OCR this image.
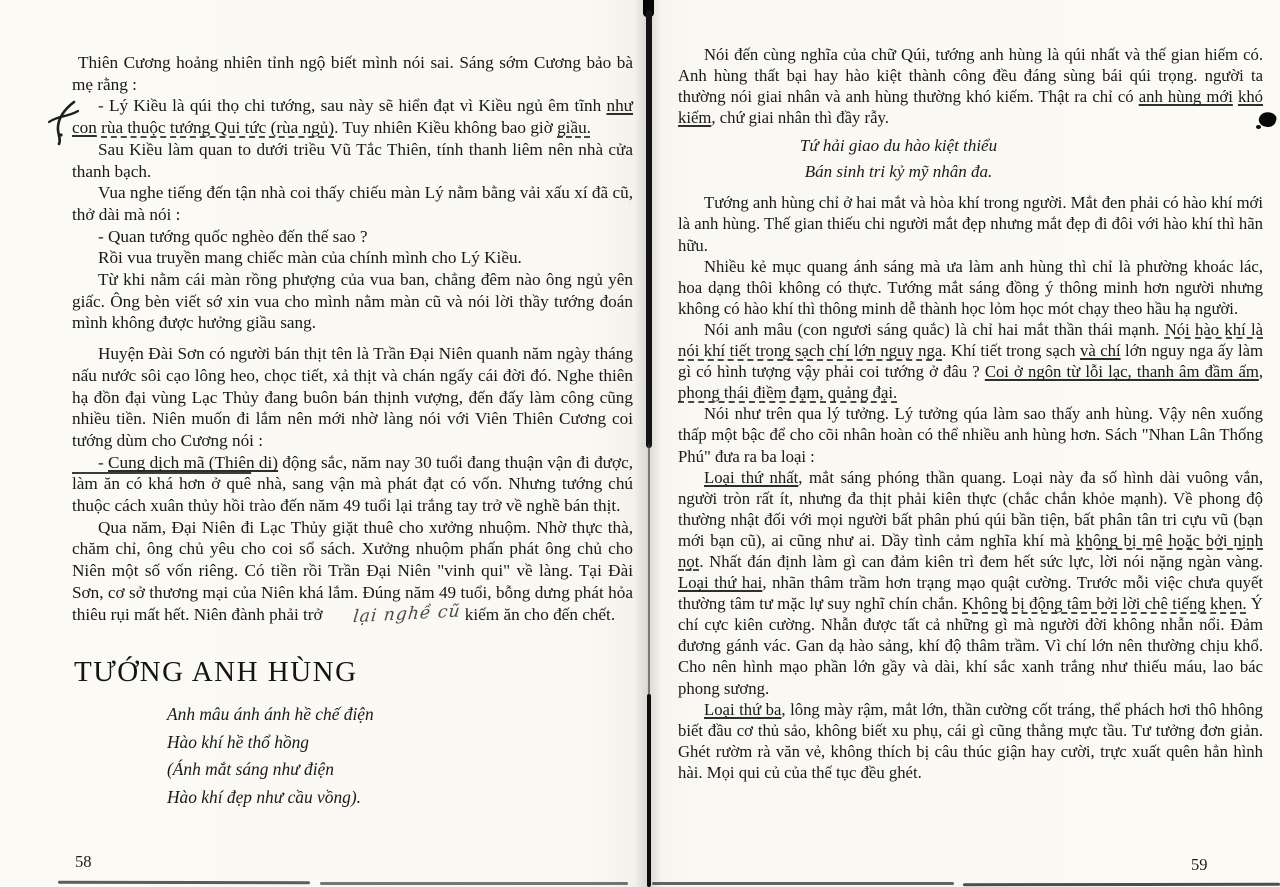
Thiên Cương hoảng nhiên tỉnh ngộ biết mình nói sai. Sáng sớm Cương bảo bà mẹ rằng :
- Lý Kiều là qúi thọ chi tướng, sau này sẽ hiển đạt vì Kiều ngủ êm tĩnh như con rùa thuộc tướng Qui tức (rùa ngủ). Tuy nhiên Kiều không bao giờ giầu.
Sau Kiều làm quan to dưới triều Vũ Tắc Thiên, tính thanh liêm nên nhà cửa thanh bạch.
Vua nghe tiếng đến tận nhà coi thấy chiếu màn Lý nằm bằng vải xấu xí đã cũ, thở dài mà nói :
- Quan tướng quốc nghèo đến thế sao ?
Rồi vua truyền mang chiếc màn của chính mình cho Lý Kiều.
Từ khi nằm cái màn rồng phượng của vua ban, chẳng đêm nào ông ngủ yên giấc. Ông bèn viết sớ xin vua cho mình nằm màn cũ và nói lời thầy tướng đoán mình không được hưởng giầu sang.
Huyện Đài Sơn có người bán thịt tên là Trần Đại Niên quanh năm ngày tháng nấu nước sôi cạo lông heo, chọc tiết, xả thịt và chán ngấy cái đời đó. Nghe thiên hạ đồn đại vùng Lạc Thủy đang buôn bán thịnh vượng, đến đấy làm công cũng nhiều tiền. Niên muốn đi lắm nên mới nhờ làng nói với Viên Thiên Cương coi tướng dùm cho Cương nói :
- Cung dịch mã (Thiên di) động sắc, năm nay 30 tuổi đang thuận vận đi được, làm ăn có khá hơn ở quê nhà, sang vận mà phát đạt có vốn. Nhưng tướng chú thuộc cách xuân thủy hồi trào đến năm 49 tuổi lại trắng tay trở về nghề bán thịt.
Qua năm, Đại Niên đi Lạc Thủy giặt thuê cho xưởng nhuộm. Nhờ thực thà, chăm chỉ, ông chủ yêu cho coi sổ sách. Xưởng nhuộm phấn phát ông chủ cho Niên một số vốn riêng. Có tiền rồi Trần Đại Niên "vinh qui" về làng. Tại Đài Sơn, cơ sở thương mại của Niên khá lắm. Đúng năm 49 tuổi, bỗng dưng phát hỏa thiêu rụi mất hết. Niên đành phải trở lại nghề cũ kiếm ăn cho đến chết.
TƯỚNG ANH HÙNG
Anh mâu ánh ánh hề chế điện
Hào khí hề thổ hồng
(Ánh mắt sáng như điện
Hào khí đẹp như cầu vồng).
Nói đến cùng nghĩa của chữ Qúi, tướng anh hùng là qúi nhất và thế gian hiếm có. Anh hùng thất bại hay hào kiệt thành công đều đáng sùng bái qúi trọng. người ta thường nói giai nhân và anh hùng thường khó kiếm. Thật ra chỉ có anh hùng mới khó kiếm, chứ giai nhân thì đầy rẫy.
Tứ hải giao du hào kiệt thiểu
Bán sinh tri kỷ mỹ nhân đa.
Tướng anh hùng chỉ ở hai mắt và hòa khí trong người. Mắt đen phải có hào khí mới là anh hùng. Thế gian thiếu chi người mắt đẹp nhưng mắt đẹp đi đôi với hào khí thì hãn hữu.
Nhiều kẻ mục quang ánh sáng mà ưa làm anh hùng thì chỉ là phường khoác lác, hoa dạng thôi không có thực. Tướng mắt sáng đồng ý thông minh hơn người nhưng không có hào khí thì thông minh dễ thành học lỏm học mót chạy theo hầu hạ người.
Nói anh mâu (con ngươi sáng quắc) là chỉ hai mắt thần thái mạnh. Nói hào khí là nói khí tiết trong sạch chí lớn nguy nga. Khí tiết trong sạch và chí lớn nguy nga ấy làm gì có hình tượng vậy phải coi tướng ở đâu ? Coi ở ngôn từ lỗi lạc, thanh âm đầm ấm, phong thái điềm đạm, quảng đại.
Nói như trên qua lý tưởng. Lý tưởng qúa làm sao thấy anh hùng. Vậy nên xuống thấp một bậc để cho cõi nhân hoàn có thể nhiều anh hùng hơn. Sách "Nhan Lân Thống Phú" đưa ra ba loại :
Loại thứ nhất, mắt sáng phóng thần quang. Loại này đa số hình dài vuông vắn, người tròn rất ít, nhưng đa thịt phải kiên thực (chắc chắn khỏe mạnh). Về phong độ thường nhật đối với mọi người bất phân phú qúi bần tiện, bất phân tân tri cựu vũ (bạn mới bạn cũ), ai cũng như ai. Dầy tình cảm nghĩa khí mà không bị mê hoặc bởi nịnh nọt. Nhất đán định làm gì can đảm kiên trì đem hết sức lực, lời nói nặng ngàn vàng. Loại thứ hai, nhãn thâm trầm hơn trạng mạo quật cường. Trước mỗi việc chưa quyết thường tâm tư mặc lự suy nghĩ chín chắn. Không bị động tâm bởi lời chê tiếng khen. Ý chí cực kiên cường. Nhẫn được tất cả những gì mà người đời không nhẫn nổi. Đảm đương gánh vác. Gan dạ hào sảng, khí độ thâm trầm. Vì chí lớn nên thường chịu khổ. Cho nên hình mạo phần lớn gầy và dài, khí sắc xanh trắng như thiếu máu, lao bác phong sương.
Loại thứ ba, lông mày rậm, mắt lớn, thần cường cốt tráng, thể phách hơi thô hhông biết đầu cơ thủ sảo, không biết xu phụ, cái gì cũng thẳng mực tầu. Tư tưởng đơn giản. Ghét rườm rà văn vẻ, không thích bị câu thúc giận hay cười, trực xuất quên hẳn hình hài. Mọi qui củ của thế tục đều ghét.
58	59
